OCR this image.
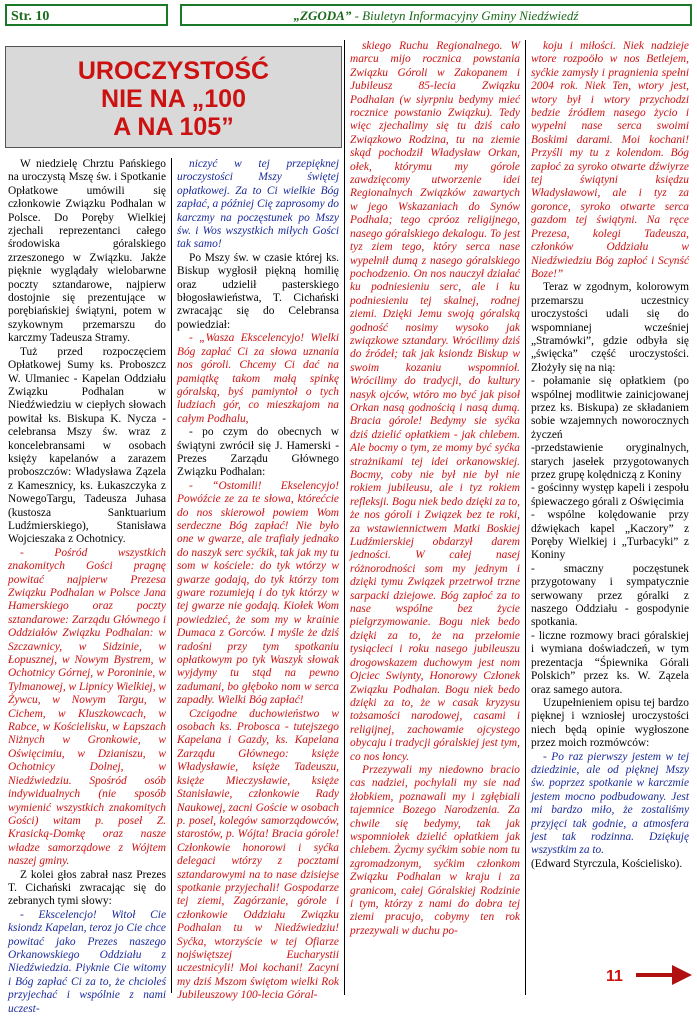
Str. 10	„ZGODA” - Biuletyn Informacyjny Gminy Niedźwiedź
UROCZYSTOŚĆ
NIE NA „100
A NA 105”

W niedzielę Chrztu Pańskiego na uroczystą Mszę św. i Spotkanie Opłatkowe umówili się członkowie Związku Podhalan w Polsce. Do Poręby Wielkiej zjechali reprezentanci całego środowiska góralskiego zrzeszonego w Związku. Jakże pięknie wyglądały wielobarwne poczty sztandarowe, najpierw dostojnie się prezentujące w porębiańskiej świątyni, potem w szykownym przemarszu do karczmy Tadeusza Stramy.

Tuż przed rozpoczęciem Opłatkowej Sumy ks. Proboszcz W. Ulmaniec - Kapelan Oddziału Związku Podhalan w Niedźwiedziu w ciepłych słowach powitał ks. Biskupa K. Nycza - celebransa Mszy św. wraz z koncelebransami w osobach księży kapelanów a zarazem proboszczów: Władysława Zązela z Kamesznicy, ks. Łukaszczyka z NowegoTargu, Tadeusza Juhasa (kustosza Sanktuarium Ludźmierskiego), Stanisława Wojcieszaka z Ochotnicy.

- Pośród wszystkich znakomitych Gości pragnę powitać najpierw Prezesa Związku Podhalan w Polsce Jana Hamerskiego oraz poczty sztandarowe: Zarządu Głównego i Oddziałów Związku Podhalan: w Szczawnicy, w Sidzinie, w Łopusznej, w Nowym Bystrem, w Ochotnicy Górnej, w Poroninie, w Tylmanowej, w Lipnicy Wielkiej, w Żywcu, w Nowym Targu, w Cichem, w Kluszkowcach, w Rabce, w Kościelisku, w Łapszach Niżnych w Gronkowie, w Oświęcimiu, w Dzianiszu, w Ochotnicy Dolnej, w Niedźwiedziu. Spośród osób indywidualnych (nie sposób wymienić wszystkich znakomitych Gości) witam p. poseł Z. Krasicką-Domkę oraz nasze władze samorządowe z Wójtem naszej gminy.

Z kolei głos zabrał nasz Prezes T. Cichański zwracając się do zebranych tymi słowy:

- Ekscelencjo! Witoł Cie ksiondz Kapelan, teroz jo Cie chce powitać jako Prezes naszego Orkanowskiego Oddziału z Niedźwiedzia. Piyknie Cie witomy i Bóg zapłać Ci za to, że chcioleś przyjechać i wspólnie z nami uczest-

niczyć w tej przepięknej uroczystości Mszy świętej opłatkowej. Za to Ci wielkie Bóg zapłać, a później Cię zaprosomy do karczmy na poczęstunek po Mszy św. i Wos wszystkich miłych Gości tak samo!

Po Mszy św. w czasie której ks. Biskup wygłosił piękną homilię oraz udzielił pasterskiego błogosławieństwa, T. Cichański zwracając się do Celebransa powiedział:

- „Wasza Ekscelencyjo! Wielki Bóg zapłać Ci za słowa uznania nos góroli. Chcemy Ci dać na pamiątkę takom małą spinkę góralską, byś pamiyntoł o tych ludziach gór, co mieszkajom na całym Podhalu,

- po czym do obecnych w świątyni zwrócił się J. Hamerski - Prezes Zarządu Głównego Związku Podhalan:

- “Ostomili! Ekselencyjo! Powóźcie ze za te słowa, którećcie do nos skierowoł powiem Wom serdeczne Bóg zapłać! Nie było one w gwarze, ale trafiały jednako do naszyk serc syćkik, tak jak my tu som w kościele: do tyk wtórzy w gwarze godajq, do tyk którzy tom gware rozumiejq i do tyk którzy w tej gwarze nie godajq. Kiołek Wom powiedzieć, że som my w krainie Dumaca z Gorców. I myśle że dziś radośni przy tym spotkaniu opłatkowym po tyk Waszyk słowak wyjdymy tu stąd na pewno zadumani, bo głęboko nom w serca zapadły. Wielki Bóg zapłać!

Czcigodne duchowieństwo w osobach ks. Probosca - tutejszego Kapelana i Gazdy, ks. Kapelana Zarządu Głównego: księże Władysławie, księże Tadeuszu, księże Mieczysławie, księże Stanisławie, członkowie Rady Naukowej, zacni Goście w osobach p. posel, kolegów samorządowców, starostów, p. Wójta! Bracia górole! Członkowie honorowi i syćka delegaci wtórzy z pocztami sztandarowymi na to nase dzisiejse spotkanie przyjechali! Gospodarze tej ziemi, Zagórzanie, górole i członkowie Oddziału Związku Podhalan tu w Niedźwiedziu! Syćka, wtorzyście w tej Ofiarze nojświętszej Eucharystii uczestnicyli! Moi kochani! Zacyni my dziś Mszom świętom wielki Rok Jubileuszowy 100-lecia Góral-

skiego Ruchu Regionalnego. W marcu mijo rocznica powstania Związku Góroli w Zakopanem i Jubileusz 85-lecia Związku Podhalan (w siyrpniu bedymy mieć rocznice powstanio Związku). Tedy więc zjechalimy się tu dziś cało Związkowo Rodzina, tu na ziemie skąd pochodził Władysław Orkan, ołek, którymu my górole zawdzięcomy utworzenie idei Regionalnych Związków zawartych w jego Wskazaniach do Synów Podhala; tego cpróoz religijnego, nasego góralskiego dekalogu. To jest tyz ziem tego, który serca nase wypełnił dumą z nasego góralskiego pochodzenio. On nos nauczył działać ku podniesieniu serc, ale i ku podniesieniu tej skalnej, rodnej ziemi. Dzięki Jemu swoją góralską godność nosimy wysoko jak związkowe sztandary. Wrócilimy dziś do źródeł; tak jak ksiondz Biskup w swoim kozaniu wspomnioł. Wrócilimy do tradycji, do kultury nasyk ojców, wtóro mo być jak pisoł Orkan nasą godnością i nasą dumą. Bracia górole! Bedymy sie syćka dziś dzielić opłatkiem - jak chlebem. Ale bocmy o tym, ze momy być syćka strażnikami tej idei orkanowskiej. Bocmy, coby nie był nie był nie rokiem jubileusu, ale i tyz rokiem refleksji. Bogu niek bedo dzięki za to, że nos góroli i Związek bez te roki, za wstawiennictwem Matki Boskiej Ludźmierskiej obdarzył darem jedności. W całej nasej różnorodności som my jednym i dzięki tymu Związek przetrwoł trzne sarpacki dziejowe. Bóg zapłoć za to nase wspólne bez życie pielgrzymowanie. Bogu niek bedo dzięki za to, że na przełomie tysiącleci i roku nasego jubileuszu drogowskazem duchowym jest nom Ojciec Swiynty, Honorowy Członek Związku Podhalan. Bogu niek bedo dzięki za to, że w casak kryzysu tożsamości narodowej, casami i religijnej, zachowamie ojcystego obycaju i tradycji góralskiej jest tym, co nos łoncy.

Przezywali my niedowno bracio cas nadziei, pochylali my sie nad żłobkiem, poznawali my i zgłębiali tajemnice Bozego Narodzenia. Za chwile się bedymy, tak jak wspomniołek dzielić opłatkiem jak chlebem. Życmy syćkim sobie nom tu zgromadzonym, syćkim członkom Związku Podhalan w kraju i za granicom, całej Góralskiej Rodzinie i tym, którzy z nami do dobra tej ziemi pracujo, cobymy ten rok przezywali w duchu po-

koju i miłości. Niek nadzieje wtore rozpoöło w nos Betlejem, syćkie zamysły i pragnienia spełni 2004 rok. Niek Ten, wtory jest, wtory był i wtory przychodzi bedzie źródłem nasego życio i wypełni nase serca swoimi Boskimi darami. Moi kochani! Przyśli my tu z kolendom. Bóg zapłoć za syroko otwarte dźwiyrze tej świątyni księdzu Władysławowi, ale i tyz za goronce, syroko otwarte serca gazdom tej świątyni. Na ręce Prezesa, kolegi Tadeusza, członków Oddziału w Niedźwiedziu Bóg zapłoć i Scynść Boze!”

Teraz w zgodnym, kolorowym przemarszu uczestnicy uroczystości udali się do wspomnianej wcześniej „Stramówki”, gdzie odbyła się „święcka” część uroczystości. Złożyły się na nią:

- połamanie się opłatkiem (po wspólnej modlitwie zainicjowanej przez ks. Biskupa) ze składaniem sobie wzajemnych noworocznych życzeń

-przedstawienie oryginalnych, starych jasełek przygotowanych przez grupę kolędniczą z Koniny

- gościnny występ kapeli i zespołu śpiewaczego górali z Oświęcimia

- wspólne kolędowanie przy dźwiękach kapel „Kaczory” z Poręby Wielkiej i „Turbacyki” z Koniny

- smaczny poczęstunek przygotowany i sympatycznie serwowany przez góralki z naszego Oddziału - gospodynie spotkania.

- liczne rozmowy braci góralskiej i wymiana doświadczeń, w tym prezentacja “Śpiewnika Górali Polskich” przez ks. W. Zązela oraz samego autora.

Uzupełnieniem opisu tej bardzo pięknej i wzniosłej uroczystości niech będą opinie wygłoszone przez moich rozmówców:

- Po raz pierwszy jestem w tej dziedzinie, ale od pięknej Mszy św. poprzez spotkanie w karczmie jestem mocno podbudowany. Jest mi bardzo miło, że zostaliśmy przyjęci tak godnie, a atmosfera jest tak rodzinna. Dziękuję wszystkim za to.

(Edward Styrczula, Kościelisko).

11
